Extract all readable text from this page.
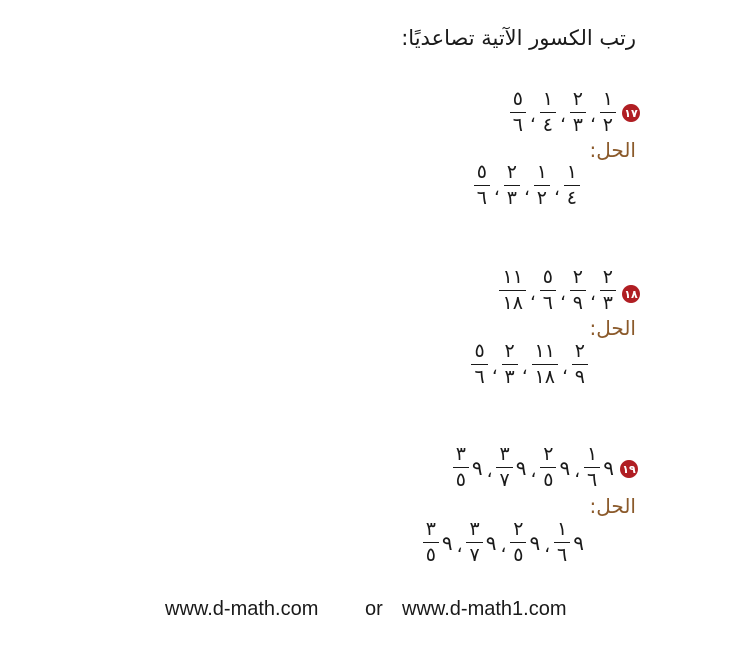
رتب الكسور الآتية تصاعديًا:
١٧
$\frac{١}{٢}$
،
$\frac{٢}{٣}$
،
$\frac{١}{٤}$
،
$\frac{٥}{٦}$
الحل:
$\frac{١}{٤}$
،
$\frac{١}{٢}$
،
$\frac{٢}{٣}$
،
$\frac{٥}{٦}$
١٨
$\frac{٢}{٣}$
،
$\frac{٢}{٩}$
،
$\frac{٥}{٦}$
،
$\frac{١١}{١٨}$
الحل:
$\frac{٢}{٩}$
،
$\frac{١١}{١٨}$
،
$\frac{٢}{٣}$
،
$\frac{٥}{٦}$
١٩
٩
$\frac{١}{٦}$
،
٩
$\frac{٢}{٥}$
،
٩
$\frac{٣}{٧}$
،
٩
$\frac{٣}{٥}$
الحل:
٩
$\frac{١}{٦}$
،
٩
$\frac{٢}{٥}$
،
٩
$\frac{٣}{٧}$
،
٩
$\frac{٣}{٥}$
www.d-math.com or www.d-math1.com
